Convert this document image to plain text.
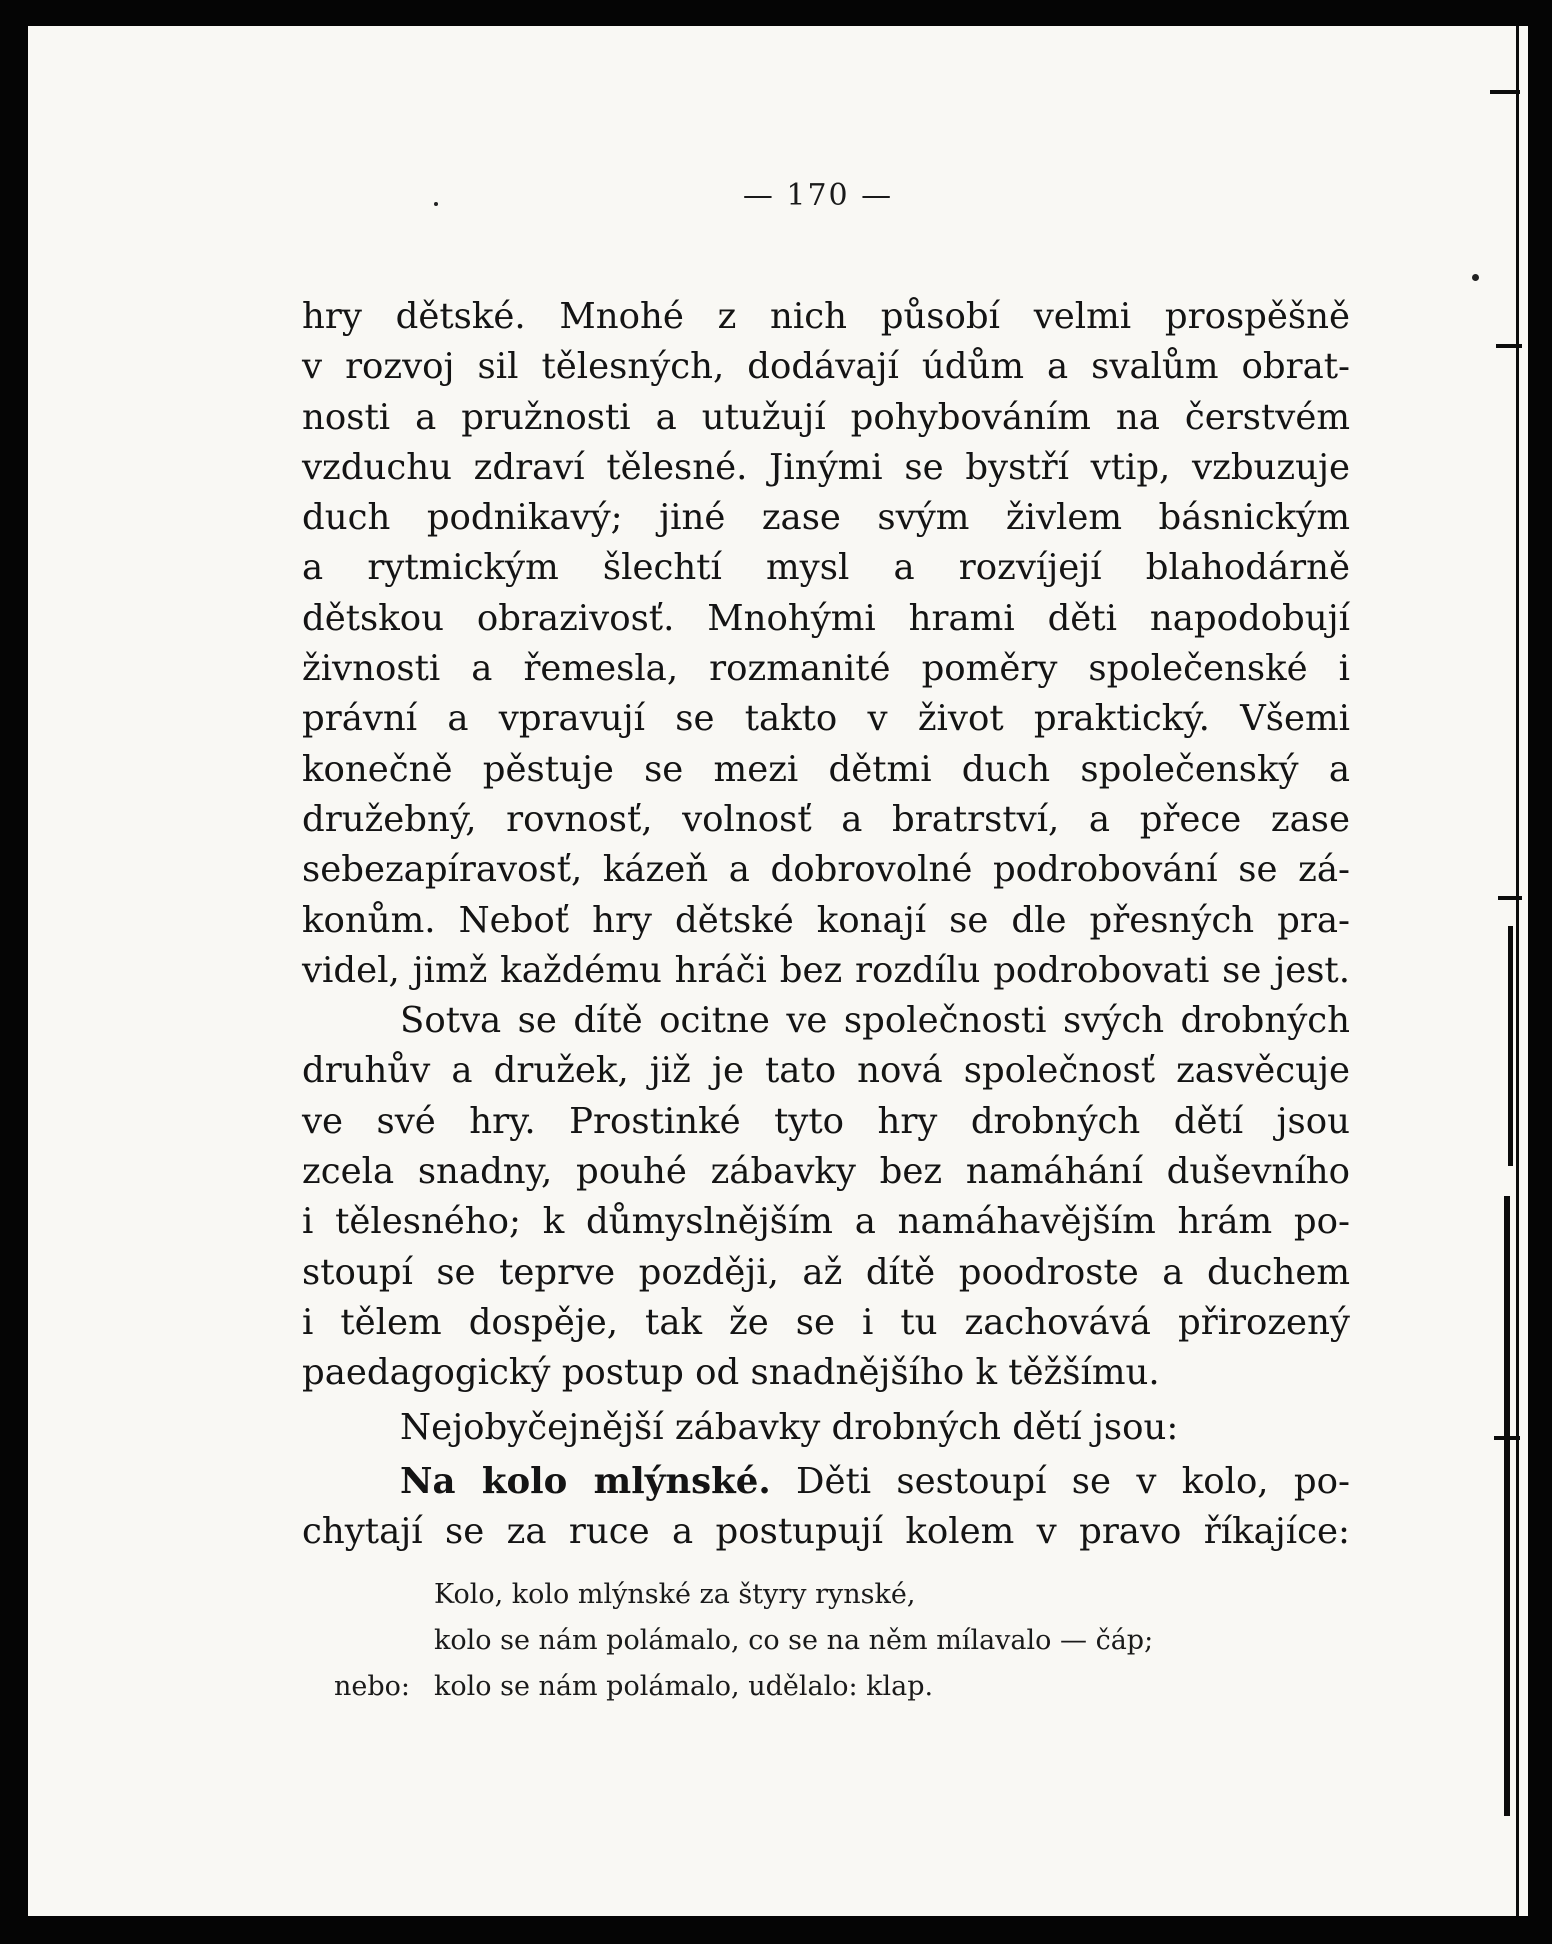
— 170 —
hry dětské. Mnohé z nich působí velmi prospěšně
v rozvoj sil tělesných, dodávají údům a svalům obrat-
nosti a pružnosti a utužují pohybováním na čerstvém
vzduchu zdraví tělesné. Jinými se bystří vtip, vzbuzuje
duch podnikavý; jiné zase svým živlem básnickým
a rytmickým šlechtí mysl a rozvíjejí blahodárně
dětskou obrazivosť. Mnohými hrami děti napodobují
živnosti a řemesla, rozmanité poměry společenské i
právní a vpravují se takto v život praktický. Všemi
konečně pěstuje se mezi dětmi duch společenský a
družebný, rovnosť, volnosť a bratrství, a přece zase
sebezapíravosť, kázeň a dobrovolné podrobování se zá-
konům. Neboť hry dětské konají se dle přesných pra-
videl, jimž každému hráči bez rozdílu podrobovati se jest.
Sotva se dítě ocitne ve společnosti svých drobných
druhův a družek, již je tato nová společnosť zasvěcuje
ve své hry. Prostinké tyto hry drobných dětí jsou
zcela snadny, pouhé zábavky bez namáhání duševního
i tělesného; k důmyslnějším a namáhavějším hrám po-
stoupí se teprve později, až dítě poodroste a duchem
i tělem dospěje, tak že se i tu zachovává přirozený
paedagogický postup od snadnějšího k těžšímu.
Nejobyčejnější zábavky drobných dětí jsou:
Na kolo mlýnské. Děti sestoupí se v kolo, po-
chytají se za ruce a postupují kolem v pravo říkajíce:
Kolo, kolo mlýnské za štyry rynské,
kolo se nám polámalo, co se na něm mílavalo — čáp;
nebo: kolo se nám polámalo, udělalo: klap.
